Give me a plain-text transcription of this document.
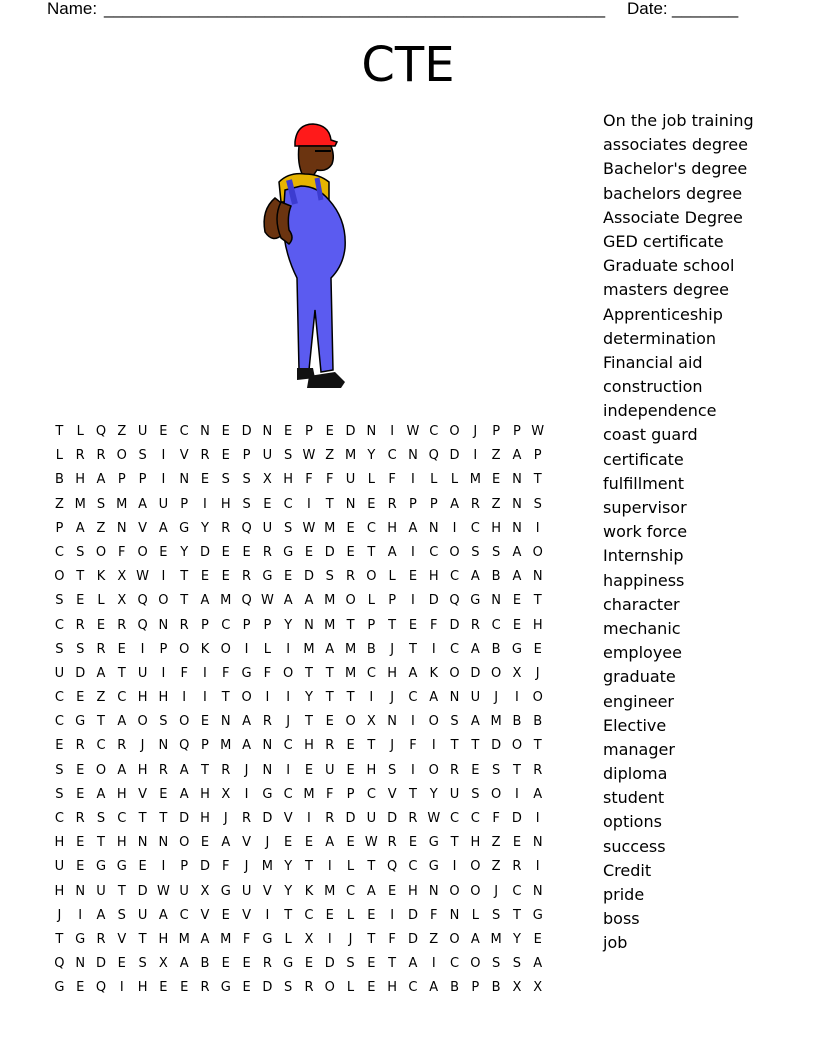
Name: _____________________________________________________ Date: _______
CTE
T	L Q Z U E C N E D N E P E D N	I W C O	J	P P W
L R R O S	I	V R E P U S W Z M Y C N Q D	I	Z A P
B H A P P	I	N E S S X H F	F U L	F	I	L	L M E N T
Z M S M A U P	I	H S E C	I	T N E R P P A R Z N S
P A Z N V A G Y R Q U S W M E C H A N	I	C H N	I
C S O F O E Y D E E R G E D E T A	I	C O S S A O
O T K X W I	T E E R G E D S R O L	E H C A B A N
S E	L X Q O T A M Q W A A M O L	P	I	D Q G N E T
C R E R Q N R P C P P Y N M T P T E F D R C E H
S S R E	I	P O K O	I	L	I	M A M B	J	T	I	C A B G E
U D A T U	I	F	I	F G F O T T M C H A K O D O X	J
C E Z C H H	I	I	T O	I	I	Y T T	I	J	C A N U	J	I	O
C G T A O S O E N A R	J	T E O X N	I	O S A M B B
E R C R	J	N Q P M A N C H R E T	J	F	I	T T D O T
S E O A H R A T R	J	N	I	E U E H S	I	O R E S T R
S E A H V E A H X	I	G C M F	P C V T Y U S O	I	A
C R S C T T D H	J	R D V	I	R D U D R W C C F D	I
H E T H N N O E A V	J	E E A E W R E G T H Z E N
U E G G E	I	P D F	J	M Y T	I	L	T Q C G	I	O Z R	I
H N U T D W U X G U V Y K M C A E H N O O	J	C N
J	I	A S U A C V E V	I	T C E	L	E	I	D F N L	S T G
T G R V T H M A M F G L X	I	J	T	F D Z O A M Y E
Q N D E S X A B E E R G E D S E T A	I	C O S S A
G E Q	I	H E E R G E D S R O L	E H C A B P B X X
On the job training
associates degree
Bachelor's degree
bachelors degree
Associate Degree
GED certificate
Graduate school
masters degree
Apprenticeship
determination
Financial aid
construction
independence
coast guard
certificate
fulfillment
supervisor
work force
Internship
happiness
character
mechanic
employee
graduate
engineer
Elective
manager
diploma
student
options
success
Credit
pride
boss
job
